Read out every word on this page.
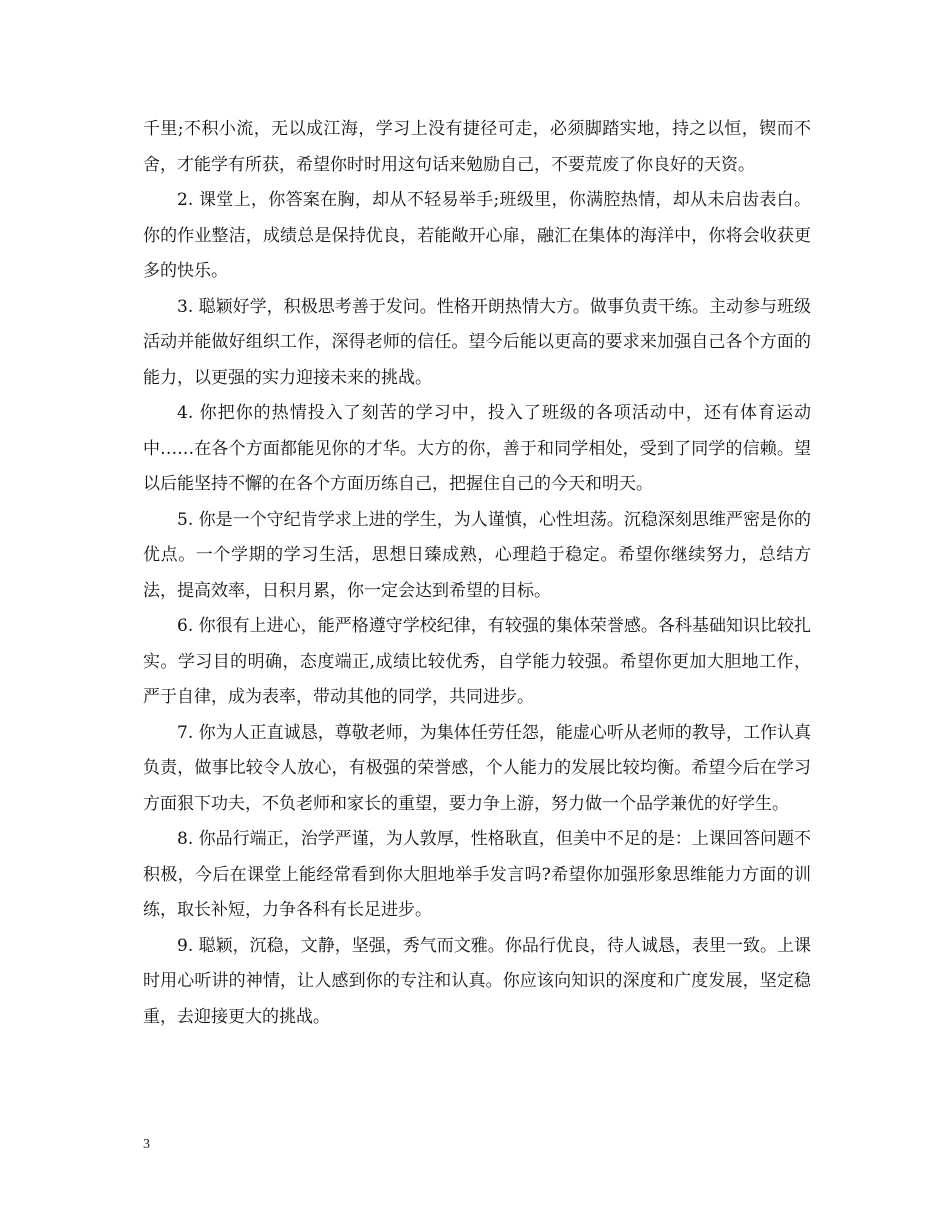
千里;不积小流，无以成江海，学习上没有捷径可走，必须脚踏实地，持之以恒，锲而不舍，才能学有所获，希望你时时用这句话来勉励自己，不要荒废了你良好的天资。

2. 课堂上，你答案在胸，却从不轻易举手;班级里，你满腔热情，却从未启齿表白。你的作业整洁，成绩总是保持优良，若能敞开心扉，融汇在集体的海洋中，你将会收获更多的快乐。

3. 聪颖好学，积极思考善于发问。性格开朗热情大方。做事负责干练。主动参与班级活动并能做好组织工作，深得老师的信任。望今后能以更高的要求来加强自己各个方面的能力，以更强的实力迎接未来的挑战。

4. 你把你的热情投入了刻苦的学习中，投入了班级的各项活动中，还有体育运动中……在各个方面都能见你的才华。大方的你，善于和同学相处，受到了同学的信赖。望以后能坚持不懈的在各个方面历练自己，把握住自己的今天和明天。

5. 你是一个守纪肯学求上进的学生，为人谨慎，心性坦荡。沉稳深刻思维严密是你的优点。一个学期的学习生活，思想日臻成熟，心理趋于稳定。希望你继续努力，总结方法，提高效率，日积月累，你一定会达到希望的目标。

6. 你很有上进心，能严格遵守学校纪律，有较强的集体荣誉感。各科基础知识比较扎实。学习目的明确，态度端正,成绩比较优秀，自学能力较强。希望你更加大胆地工作，严于自律，成为表率，带动其他的同学，共同进步。

7. 你为人正直诚恳，尊敬老师，为集体任劳任怨，能虚心听从老师的教导，工作认真负责，做事比较令人放心，有极强的荣誉感，个人能力的发展比较均衡。希望今后在学习方面狠下功夫，不负老师和家长的重望，要力争上游，努力做一个品学兼优的好学生。

8. 你品行端正，治学严谨，为人敦厚，性格耿直，但美中不足的是：上课回答问题不积极，今后在课堂上能经常看到你大胆地举手发言吗?希望你加强形象思维能力方面的训练，取长补短，力争各科有长足进步。

9. 聪颖，沉稳，文静，坚强，秀气而文雅。你品行优良，待人诚恳，表里一致。上课时用心听讲的神情，让人感到你的专注和认真。你应该向知识的深度和广度发展，坚定稳重，去迎接更大的挑战。

3
